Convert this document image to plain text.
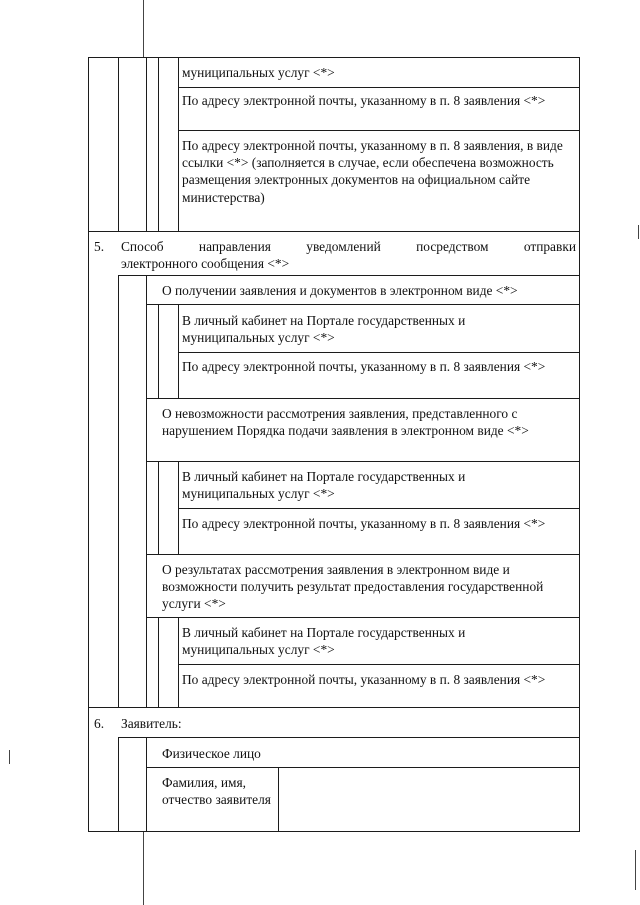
муниципальных услуг <*>
По адресу электронной почты, указанному в п. 8 заявления <*>
По адресу электронной почты, указанному в п. 8 заявления, в виде ссылки <*> (заполняется в случае, если обеспечена возможность размещения электронных документов на официальном сайте министерства)
5. Способ направления уведомлений посредством отправки
электронного сообщения <*>
О получении заявления и документов в электронном виде <*>
В личный кабинет на Портале государственных и муниципальных услуг <*>
По адресу электронной почты, указанному в п. 8 заявления <*>
О невозможности рассмотрения заявления, представленного с нарушением Порядка подачи заявления в электронном виде <*>
В личный кабинет на Портале государственных и муниципальных услуг <*>
По адресу электронной почты, указанному в п. 8 заявления <*>
О результатах рассмотрения заявления в электронном виде и возможности получить результат предоставления государственной услуги <*>
В личный кабинет на Портале государственных и муниципальных услуг <*>
По адресу электронной почты, указанному в п. 8 заявления <*>
6. Заявитель:
Физическое лицо
Фамилия, имя, отчество заявителя
